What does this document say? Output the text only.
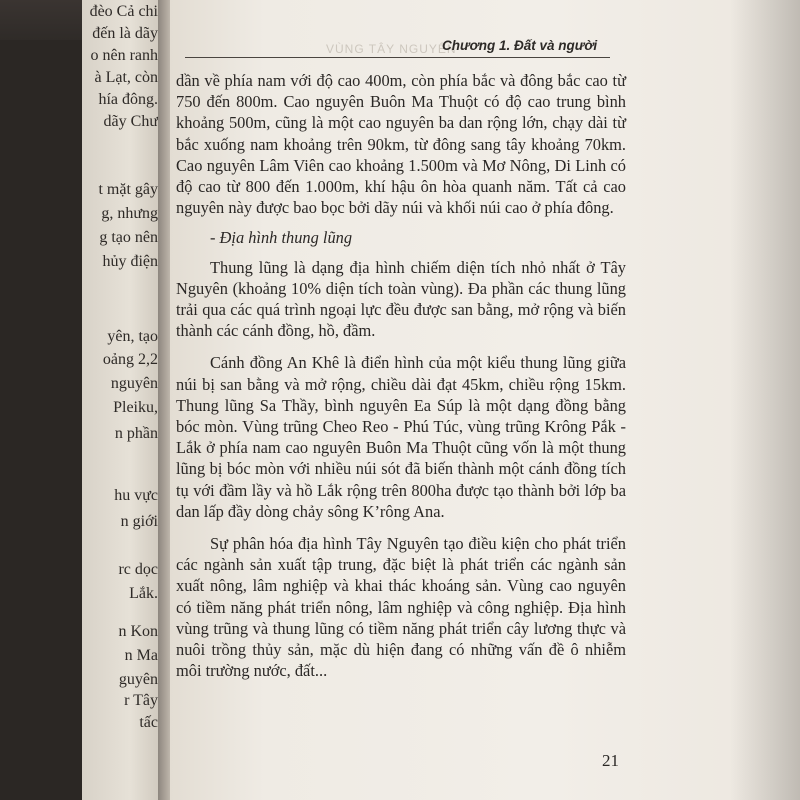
đèo Cả chi
đến là dãy
o nên ranh
à Lạt, còn
hía đông.
dãy Chư
t mặt gây
g, nhưng
g tạo nên
hủy điện
yên, tạo
oảng 2,2
nguyên
Pleiku,
n phần
hu vực
n giới
rc dọc
Lắk.
n Kon
n Ma
guyên
r Tây
tấc
VÙNG TÂY NGUYÊN
Chương 1. Đất và người

dần về phía nam với độ cao 400m, còn phía bắc và đông bắc cao từ 750 đến 800m. Cao nguyên Buôn Ma Thuột có độ cao trung bình khoảng 500m, cũng là một cao nguyên ba dan rộng lớn, chạy dài từ bắc xuống nam khoảng trên 90km, từ đông sang tây khoảng 70km. Cao nguyên Lâm Viên cao khoảng 1.500m và Mơ Nông, Di Linh có độ cao từ 800 đến 1.000m, khí hậu ôn hòa quanh năm. Tất cả cao nguyên này được bao bọc bởi dãy núi và khối núi cao ở phía đông.

- Địa hình thung lũng

Thung lũng là dạng địa hình chiếm diện tích nhỏ nhất ở Tây Nguyên (khoảng 10% diện tích toàn vùng). Đa phần các thung lũng trải qua các quá trình ngoại lực đều được san bằng, mở rộng và biến thành các cánh đồng, hồ, đầm.

Cánh đồng An Khê là điển hình của một kiểu thung lũng giữa núi bị san bằng và mở rộng, chiều dài đạt 45km, chiều rộng 15km. Thung lũng Sa Thầy, bình nguyên Ea Súp là một dạng đồng bằng bóc mòn. Vùng trũng Cheo Reo - Phú Túc, vùng trũng Krông Pắk - Lắk ở phía nam cao nguyên Buôn Ma Thuột cũng vốn là một thung lũng bị bóc mòn với nhiều núi sót đã biến thành một cánh đồng tích tụ với đầm lầy và hồ Lắk rộng trên 800ha được tạo thành bởi lớp ba dan lấp đầy dòng chảy sông K’rông Ana.

Sự phân hóa địa hình Tây Nguyên tạo điều kiện cho phát triển các ngành sản xuất tập trung, đặc biệt là phát triển các ngành sản xuất nông, lâm nghiệp và khai thác khoáng sản. Vùng cao nguyên có tiềm năng phát triển nông, lâm nghiệp và công nghiệp. Địa hình vùng trũng và thung lũng có tiềm năng phát triển cây lương thực và nuôi trồng thủy sản, mặc dù hiện đang có những vấn đề ô nhiễm môi trường nước, đất...

21
